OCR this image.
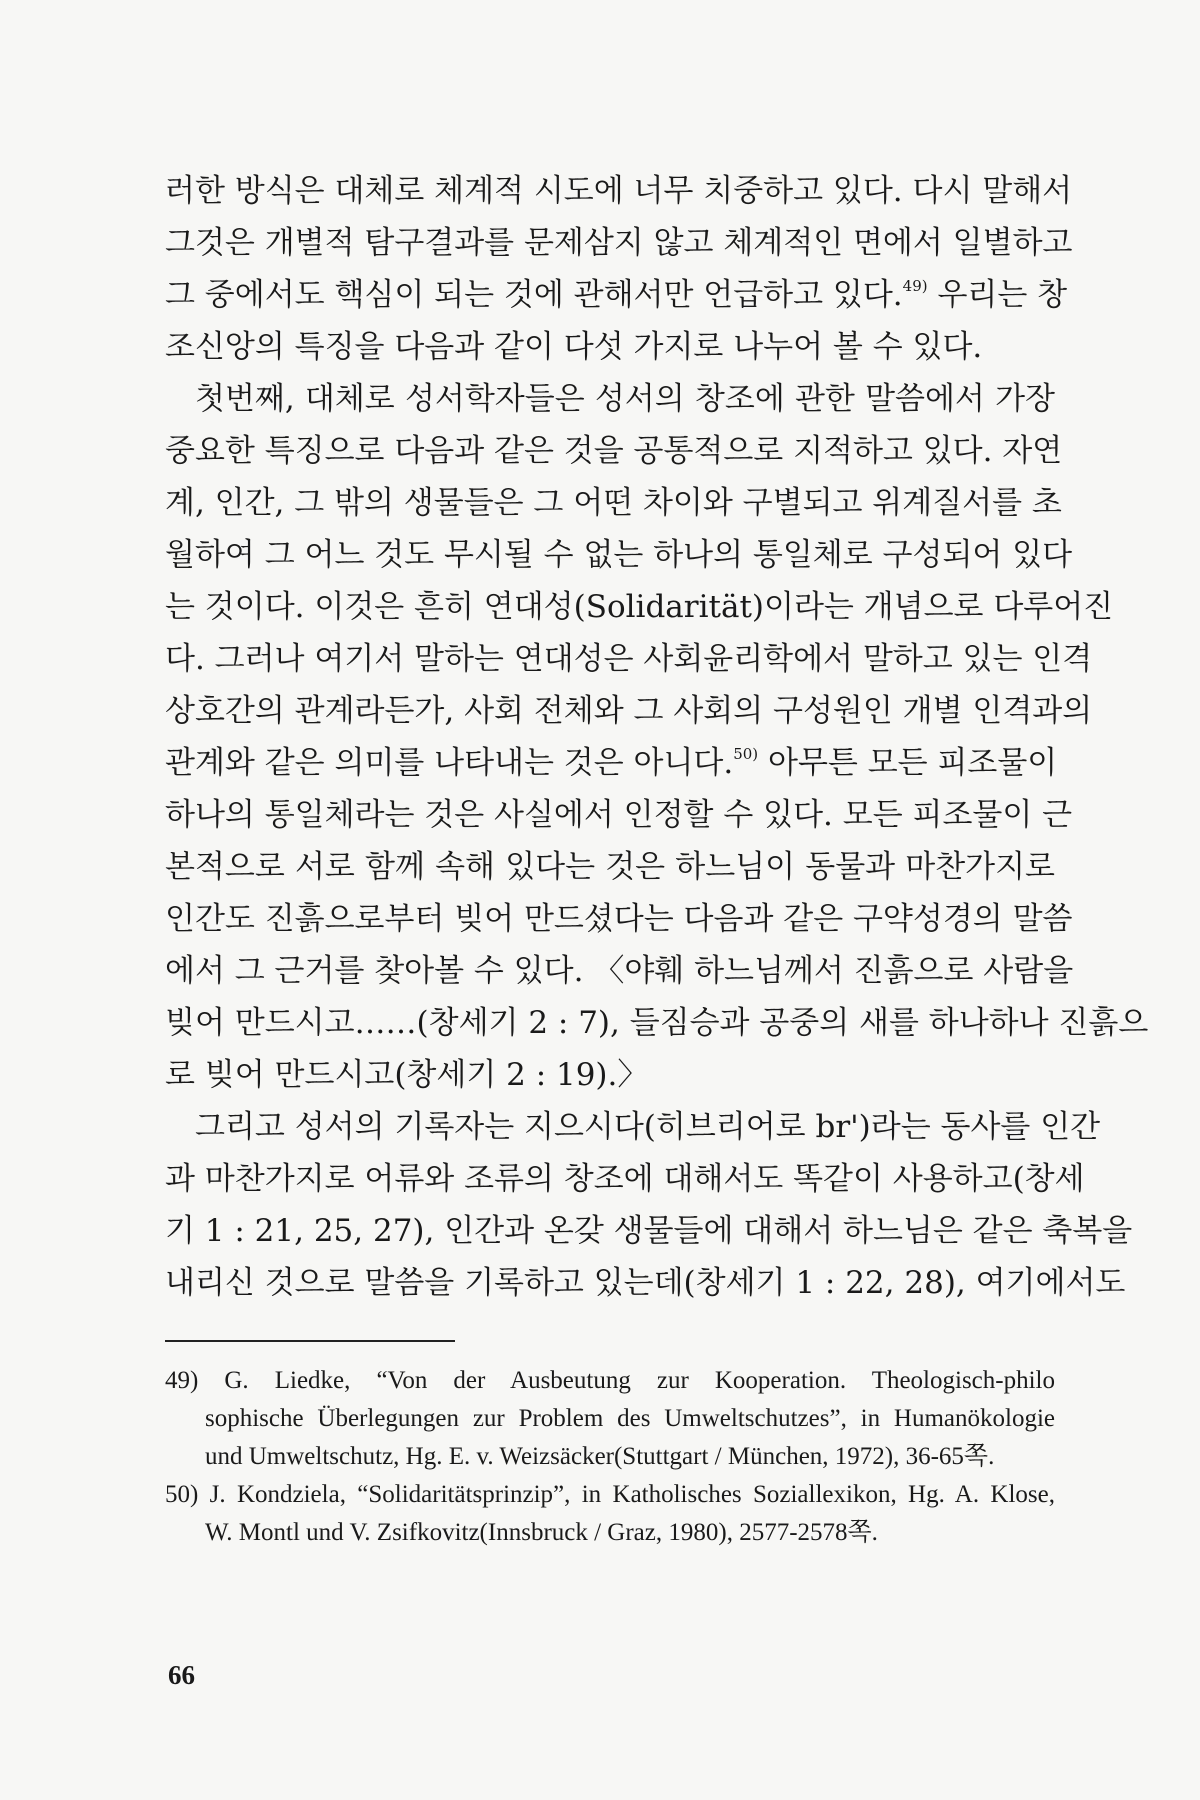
러한 방식은 대체로 체계적 시도에 너무 치중하고 있다. 다시 말해서
그것은 개별적 탐구결과를 문제삼지 않고 체계적인 면에서 일별하고
그 중에서도 핵심이 되는 것에 관해서만 언급하고 있다.$^{49)}$ 우리는 창
조신앙의 특징을 다음과 같이 다섯 가지로 나누어 볼 수 있다.
첫번째, 대체로 성서학자들은 성서의 창조에 관한 말씀에서 가장
중요한 특징으로 다음과 같은 것을 공통적으로 지적하고 있다. 자연
계, 인간, 그 밖의 생물들은 그 어떤 차이와 구별되고 위계질서를 초
월하여 그 어느 것도 무시될 수 없는 하나의 통일체로 구성되어 있다
는 것이다. 이것은 흔히 연대성(Solidarität)이라는 개념으로 다루어진
다. 그러나 여기서 말하는 연대성은 사회윤리학에서 말하고 있는 인격
상호간의 관계라든가, 사회 전체와 그 사회의 구성원인 개별 인격과의
관계와 같은 의미를 나타내는 것은 아니다.$^{50)}$ 아무튼 모든 피조물이
하나의 통일체라는 것은 사실에서 인정할 수 있다. 모든 피조물이 근
본적으로 서로 함께 속해 있다는 것은 하느님이 동물과 마찬가지로
인간도 진흙으로부터 빚어 만드셨다는 다음과 같은 구약성경의 말씀
에서 그 근거를 찾아볼 수 있다. 〈야훼 하느님께서 진흙으로 사람을
빚어 만드시고……(창세기 2 : 7), 들짐승과 공중의 새를 하나하나 진흙으
로 빚어 만드시고(창세기 2 : 19).〉
그리고 성서의 기록자는 지으시다(히브리어로 br')라는 동사를 인간
과 마찬가지로 어류와 조류의 창조에 대해서도 똑같이 사용하고(창세
기 1 : 21, 25, 27), 인간과 온갖 생물들에 대해서 하느님은 같은 축복을
내리신 것으로 말씀을 기록하고 있는데(창세기 1 : 22, 28), 여기에서도
49) G. Liedke, “Von der Ausbeutung zur Kooperation. Theologisch-philo
sophische Überlegungen zur Problem des Umweltschutzes”, in Humanökologie
und Umweltschutz, Hg. E. v. Weizsäcker(Stuttgart / München, 1972), 36-65쪽.
50) J. Kondziela, “Solidaritätsprinzip”, in Katholisches Soziallexikon, Hg. A. Klose,
W. Montl und V. Zsifkovitz(Innsbruck / Graz, 1980), 2577-2578쪽.
66
